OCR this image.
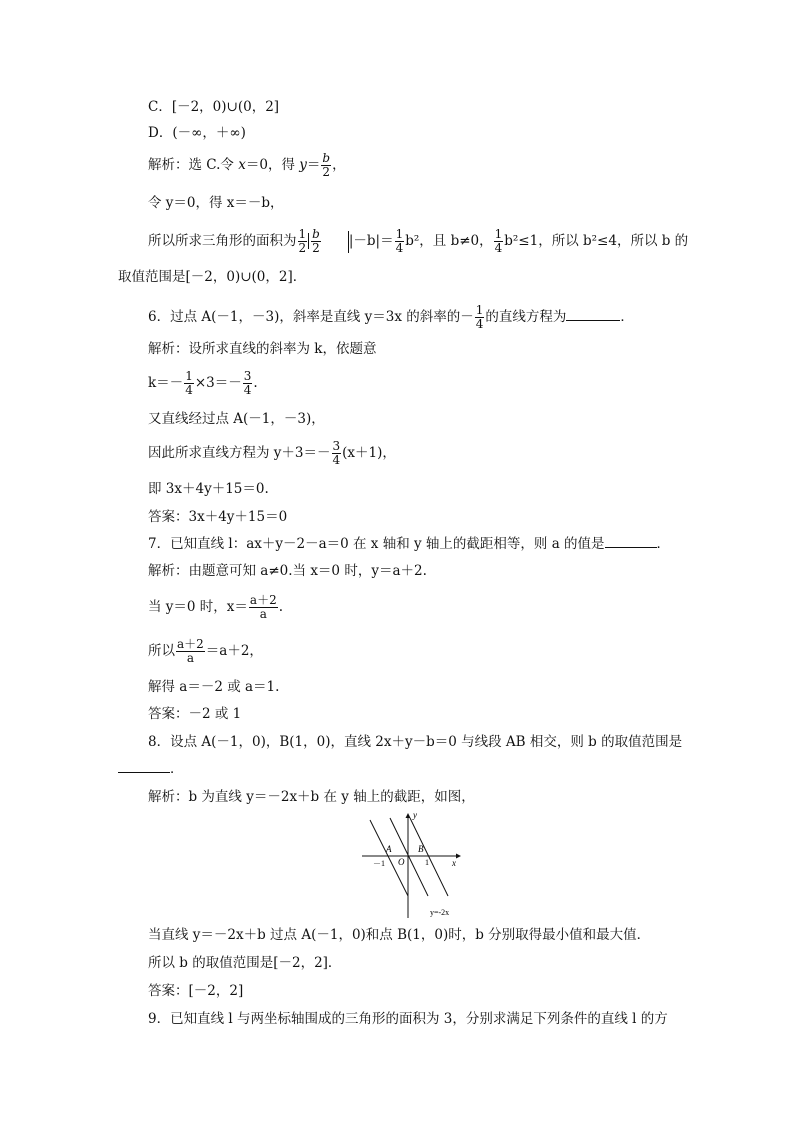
C．[－2，0)∪(0，2]
D．(－∞，＋∞)
解析：选 C.令 x＝0，得 $y= \frac{b}{2}$ ，
令 y＝0，得 x＝－b，
所以所求三角形的面积为 $\frac{1}{2} \frac{b}{2} |-b|= \frac{1}{4} b^2$，且 b≠0， $\frac{1}{4} b^2\le 1$，所以 b²≤4，所以 b 的
取值范围是[－2，0)∪(0，2]．
6．过点 A(－1，－3)，斜率是直线 y＝3x 的斜率的－ $\frac{1}{4}$ 的直线方程为	．
解析：设所求直线的斜率为 k，依题意
$k=- \frac{1}{4} \times 3=- \frac{3}{4}$ .
又直线经过点 A(－1，－3)，
因此所求直线方程为 $y+3=- \frac{3}{4} (x+1)$，
即 3x＋4y＋15＝0.
答案：3x＋4y＋15＝0
7．已知直线 l：ax＋y－2－a＝0 在 x 轴和 y 轴上的截距相等，则 a 的值是	．
解析：由题意可知 a≠0.当 x＝0 时，y＝a＋2.
当 y＝0 时，$x= \frac{a+2}{a}$ .
所以 $\frac{a+2}{a} =a+2$，
解得 a＝－2 或 a＝1.
答案：－2 或 1
8．设点 A(－1，0)，B(1，0)，直线 2x＋y－b＝0 与线段 AB 相交，则 b 的取值范围是
．
解析：b 为直线 y＝－2x＋b 在 y 轴上的截距，如图，
y
x
O
A	B
－1	1
y=-2x
当直线 y＝－2x＋b 过点 A(－1，0)和点 B(1，0)时，b 分别取得最小值和最大值．
所以 b 的取值范围是[－2，2]．
答案：[－2，2]
9．已知直线 l 与两坐标轴围成的三角形的面积为 3，分别求满足下列条件的直线 l 的方
